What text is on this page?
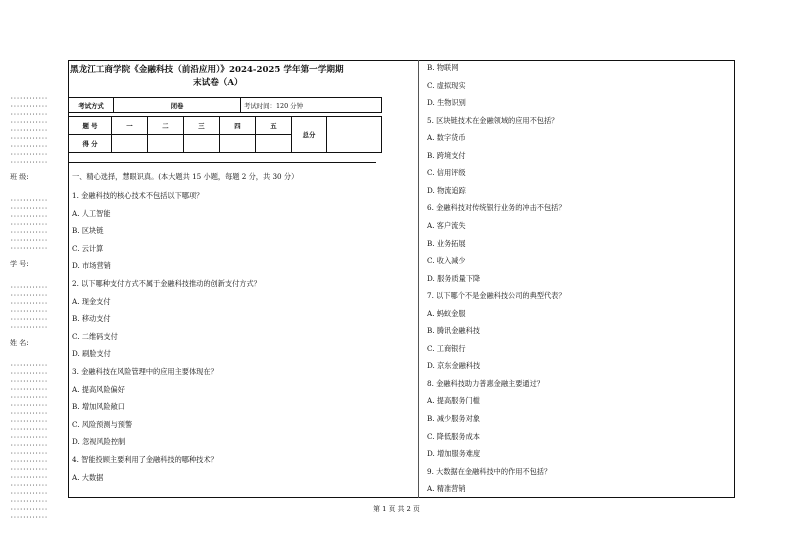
············
············
············
············
············
············
············
············
············
班 级:
············
············
············
············
············
············
············
学 号:
············
············
············
············
············
············
姓 名:
············
············
············
············
············
············
············
············
············
············
············
············
············
············
············
············
············
············
············
············
黑龙江工商学院《金融科技（前沿应用）》2024-2025 学年第一学期期
末试卷（A）
考试方式	闭卷	考试时间：120 分钟
题 号	一	二	三	四	五	总分	
得 分							
一、精心选择，慧眼识真。(本大题共 15 小题，每题 2 分，共 30 分）
1. 金融科技的核心技术不包括以下哪项？
A. 人工智能
B. 区块链
C. 云计算
D. 市场营销
2. 以下哪种支付方式不属于金融科技推动的创新支付方式？
A. 现金支付
B. 移动支付
C. 二维码支付
D. 刷脸支付
3. 金融科技在风险管理中的应用主要体现在？
A. 提高风险偏好
B. 增加风险敞口
C. 风险预测与预警
D. 忽视风险控制
4. 智能投顾主要利用了金融科技的哪种技术？
A. 大数据
B. 物联网
C. 虚拟现实
D. 生物识别
5. 区块链技术在金融领域的应用不包括？
A. 数字货币
B. 跨境支付
C. 信用评级
D. 物流追踪
6. 金融科技对传统银行业务的冲击不包括？
A. 客户流失
B. 业务拓展
C. 收入减少
D. 服务质量下降
7. 以下哪个不是金融科技公司的典型代表？
A. 蚂蚁金服
B. 腾讯金融科技
C. 工商银行
D. 京东金融科技
8. 金融科技助力普惠金融主要通过？
A. 提高服务门槛
B. 减少服务对象
C. 降低服务成本
D. 增加服务难度
9. 大数据在金融科技中的作用不包括？
A. 精准营销
第 1 页 共 2 页
